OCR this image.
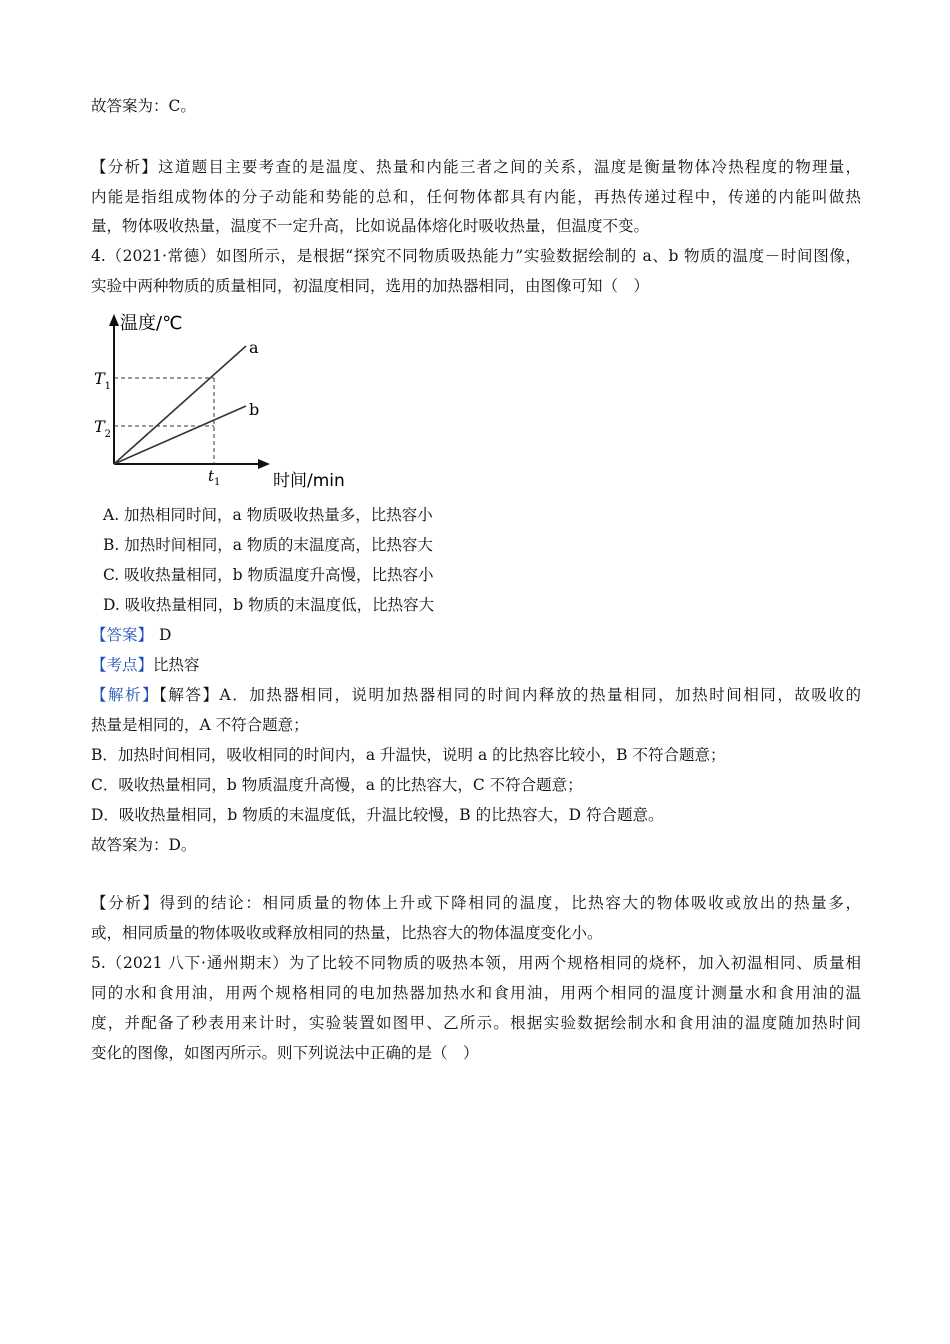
故答案为：C。
【分析】这道题目主要考查的是温度、热量和内能三者之间的关系，温度是衡量物体冷热程度的物理量，
内能是指组成物体的分子动能和势能的总和，任何物体都具有内能，再热传递过程中，传递的内能叫做热
量，物体吸收热量，温度不一定升高，比如说晶体熔化时吸收热量，但温度不变。
4.（2021·常德）如图所示，是根据“探究不同物质吸热能力”实验数据绘制的 a、b 物质的温度－时间图像，
实验中两种物质的质量相同，初温度相同，选用的加热器相同，由图像可知（　）
温度/℃
时间/min
a
b
$T_1$
$T_2$
$t_1$
A. 加热相同时间，a 物质吸收热量多，比热容小
B. 加热时间相同，a 物质的末温度高，比热容大
C. 吸收热量相同，b 物质温度升高慢，比热容小
D. 吸收热量相同，b 物质的末温度低，比热容大
【答案】 D
【考点】比热容
【解析】【解答】A．加热器相同，说明加热器相同的时间内释放的热量相同，加热时间相同，故吸收的
热量是相同的，A 不符合题意；
B．加热时间相同，吸收相同的时间内，a 升温快，说明 a 的比热容比较小，B 不符合题意；
C．吸收热量相同，b 物质温度升高慢，a 的比热容大，C 不符合题意；
D．吸收热量相同，b 物质的末温度低，升温比较慢，B 的比热容大，D 符合题意。
故答案为：D。
【分析】得到的结论：相同质量的物体上升或下降相同的温度，比热容大的物体吸收或放出的热量多，
或，相同质量的物体吸收或释放相同的热量，比热容大的物体温度变化小。
5.（2021 八下·通州期末）为了比较不同物质的吸热本领，用两个规格相同的烧杯，加入初温相同、质量相
同的水和食用油，用两个规格相同的电加热器加热水和食用油，用两个相同的温度计测量水和食用油的温
度，并配备了秒表用来计时，实验装置如图甲、乙所示。根据实验数据绘制水和食用油的温度随加热时间
变化的图像，如图丙所示。则下列说法中正确的是（　）
